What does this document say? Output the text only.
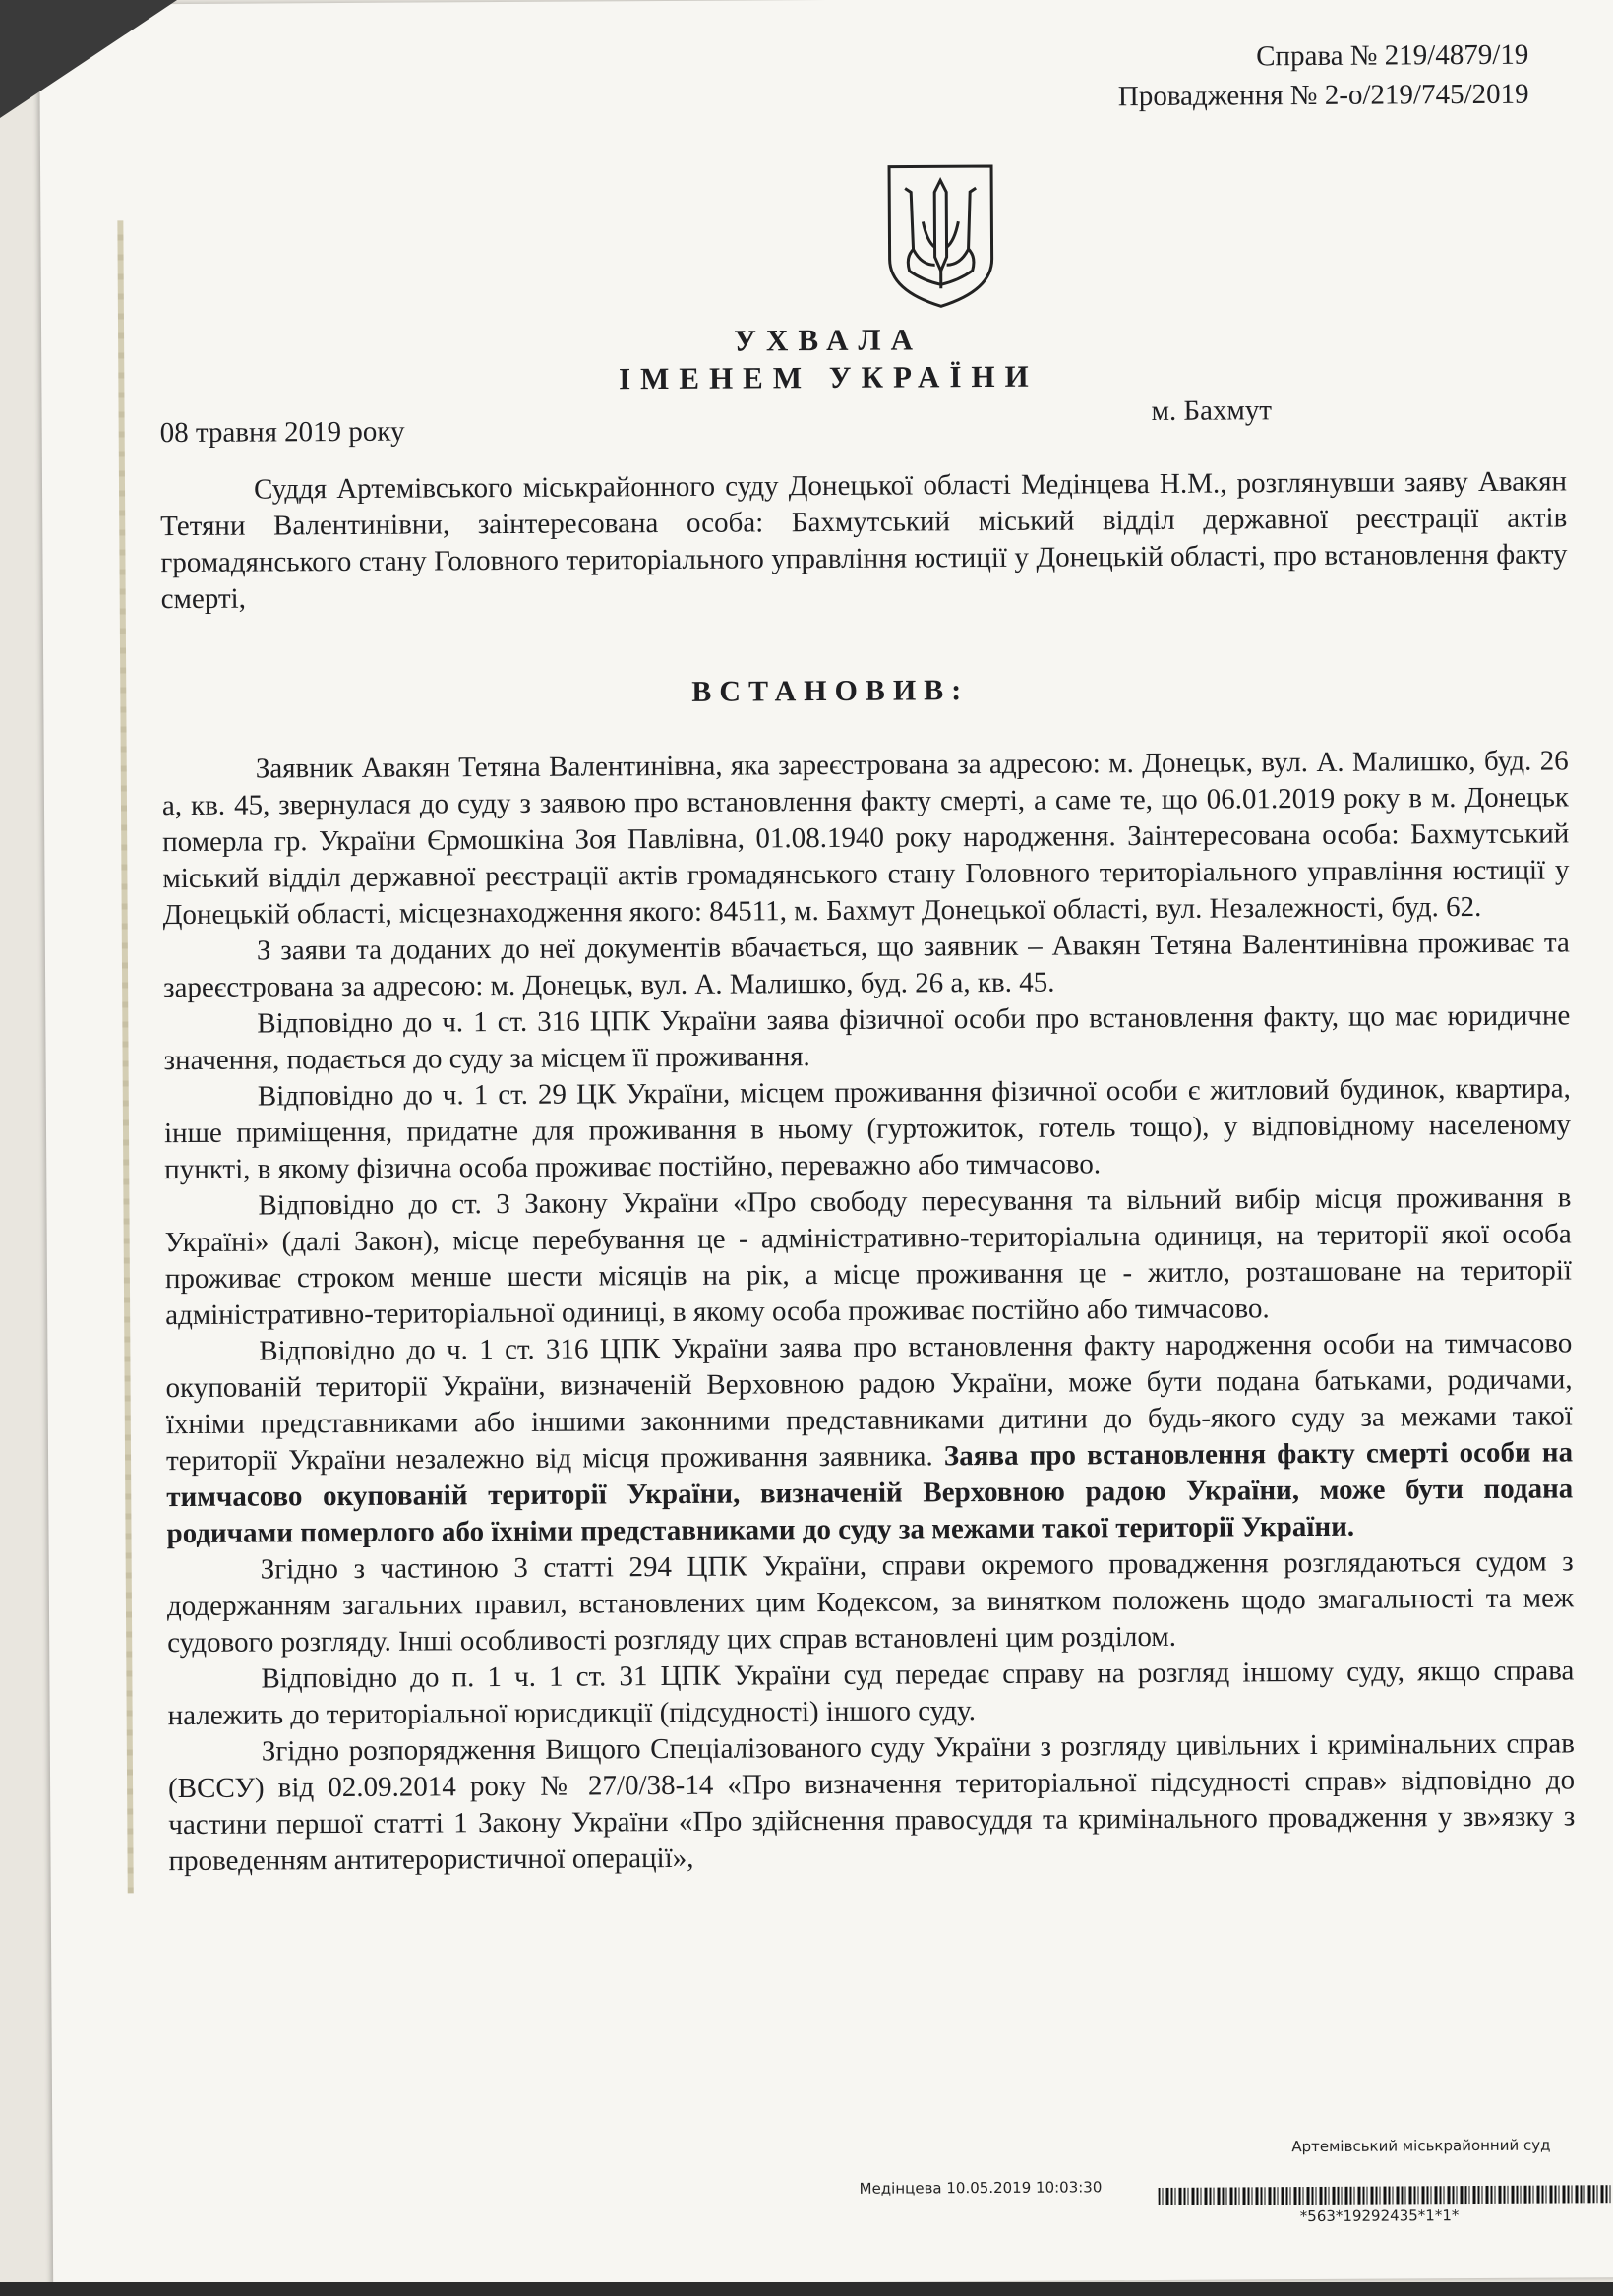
Справа № 219/4879/19
Провадження № 2-о/219/745/2019
УХВАЛА
ІМЕНЕМ УКРАЇНИ
08 травня 2019 року
м. Бахмут

Суддя Артемівського міськрайонного суду Донецької області Медінцева Н.М., розглянувши заяву Авакян Тетяни Валентинівни, заінтересована особа: Бахмутський міський відділ державної реєстрації актів громадянського стану Головного територіального управління юстиції у Донецькій області, про встановлення факту смерті,

ВСТАНОВИВ:

Заявник Авакян Тетяна Валентинівна, яка зареєстрована за адресою: м. Донецьк, вул. А. Малишко, буд. 26 а, кв. 45, звернулася до суду з заявою про встановлення факту смерті, а саме те, що 06.01.2019 року в м. Донецьк померла гр. України Єрмошкіна Зоя Павлівна, 01.08.1940 року народження. Заінтересована особа: Бахмутський міський відділ державної реєстрації актів громадянського стану Головного територіального управління юстиції у Донецькій області, місцезнаходження якого: 84511, м. Бахмут Донецької області, вул. Незалежності, буд. 62.

З заяви та доданих до неї документів вбачається, що заявник – Авакян Тетяна Валентинівна проживає та зареєстрована за адресою: м. Донецьк, вул. А. Малишко, буд. 26 а, кв. 45.

Відповідно до ч. 1 ст. 316 ЦПК України заява фізичної особи про встановлення факту, що має юридичне значення, подається до суду за місцем її проживання.

Відповідно до ч. 1 ст. 29 ЦК України, місцем проживання фізичної особи є житловий будинок, квартира, інше приміщення, придатне для проживання в ньому (гуртожиток, готель тощо), у відповідному населеному пункті, в якому фізична особа проживає постійно, переважно або тимчасово.

Відповідно до ст. 3 Закону України «Про свободу пересування та вільний вибір місця проживання в Україні» (далі Закон), місце перебування це - адміністративно-територіальна одиниця, на території якої особа проживає строком менше шести місяців на рік, а місце проживання це - житло, розташоване на території адміністративно-територіальної одиниці, в якому особа проживає постійно або тимчасово.

Відповідно до ч. 1 ст. 316 ЦПК України заява про встановлення факту народження особи на тимчасово окупованій території України, визначеній Верховною радою України, може бути подана батьками, родичами, їхніми представниками або іншими законними представниками дитини до будь-якого суду за межами такої території України незалежно від місця проживання заявника. Заява про встановлення факту смерті особи на тимчасово окупованій території України, визначеній Верховною радою України, може бути подана родичами померлого або їхніми представниками до суду за межами такої території України.

Згідно з частиною 3 статті 294 ЦПК України, справи окремого провадження розглядаються судом з додержанням загальних правил, встановлених цим Кодексом, за винятком положень щодо змагальності та меж судового розгляду. Інші особливості розгляду цих справ встановлені цим розділом.

Відповідно до п. 1 ч. 1 ст. 31 ЦПК України суд передає справу на розгляд іншому суду, якщо справа належить до територіальної юрисдикції (підсудності) іншого суду.

Згідно розпорядження Вищого Спеціалізованого суду України з розгляду цивільних і кримінальних справ (ВССУ) від 02.09.2014 року № 27/0/38-14 «Про визначення територіальної підсудності справ» відповідно до частини першої статті 1 Закону України «Про здійснення правосуддя та кримінального провадження у зв»язку з проведенням антитерористичної операції»,

Артемівський міськрайонний суд
Медінцева 10.05.2019 10:03:30
*563*19292435*1*1*
